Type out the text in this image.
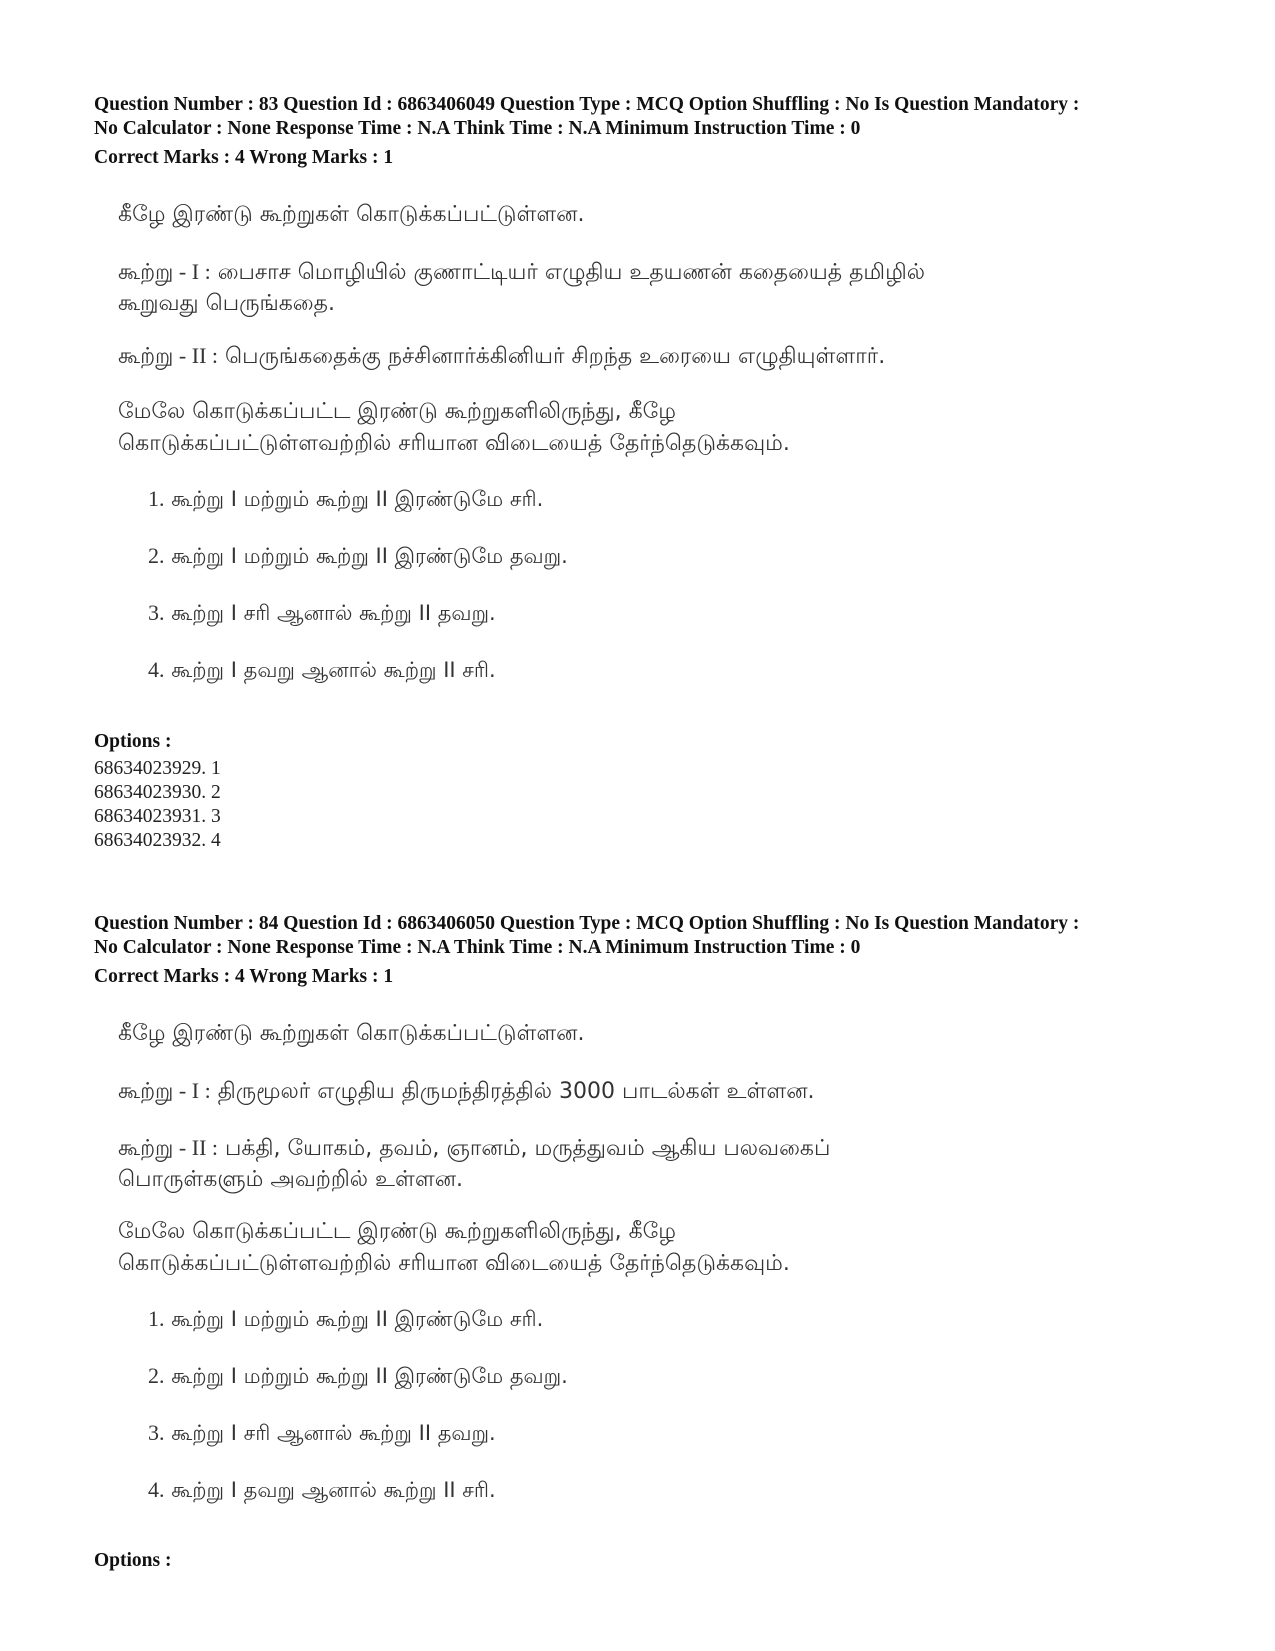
Question Number : 83 Question Id : 6863406049 Question Type : MCQ Option Shuffling : No Is Question Mandatory :
No Calculator : None Response Time : N.A Think Time : N.A Minimum Instruction Time : 0
Correct Marks : 4 Wrong Marks : 1
கீழே இரண்டு கூற்றுகள் கொடுக்கப்பட்டுள்ளன.
கூற்று - I : பைசாச மொழியில் குணாட்டியர் எழுதிய உதயணன் கதையைத் தமிழில்
கூறுவது பெருங்கதை.
கூற்று - II : பெருங்கதைக்கு நச்சினார்க்கினியர் சிறந்த உரையை எழுதியுள்ளார்.
மேலே கொடுக்கப்பட்ட இரண்டு கூற்றுகளிலிருந்து, கீழே
கொடுக்கப்பட்டுள்ளவற்றில் சரியான விடையைத் தேர்ந்தெடுக்கவும்.
1. கூற்று I மற்றும் கூற்று II இரண்டுமே சரி.
2. கூற்று I மற்றும் கூற்று II இரண்டுமே தவறு.
3. கூற்று I சரி ஆனால் கூற்று II தவறு.
4. கூற்று I தவறு ஆனால் கூற்று II சரி.
Options :
68634023929. 1
68634023930. 2
68634023931. 3
68634023932. 4
Question Number : 84 Question Id : 6863406050 Question Type : MCQ Option Shuffling : No Is Question Mandatory :
No Calculator : None Response Time : N.A Think Time : N.A Minimum Instruction Time : 0
Correct Marks : 4 Wrong Marks : 1
கீழே இரண்டு கூற்றுகள் கொடுக்கப்பட்டுள்ளன.
கூற்று - I : திருமூலர் எழுதிய திருமந்திரத்தில் 3000 பாடல்கள் உள்ளன.
கூற்று - II : பக்தி, யோகம், தவம், ஞானம், மருத்துவம் ஆகிய பலவகைப்
பொருள்களும் அவற்றில் உள்ளன.
மேலே கொடுக்கப்பட்ட இரண்டு கூற்றுகளிலிருந்து, கீழே
கொடுக்கப்பட்டுள்ளவற்றில் சரியான விடையைத் தேர்ந்தெடுக்கவும்.
1. கூற்று I மற்றும் கூற்று II இரண்டுமே சரி.
2. கூற்று I மற்றும் கூற்று II இரண்டுமே தவறு.
3. கூற்று I சரி ஆனால் கூற்று II தவறு.
4. கூற்று I தவறு ஆனால் கூற்று II சரி.
Options :
